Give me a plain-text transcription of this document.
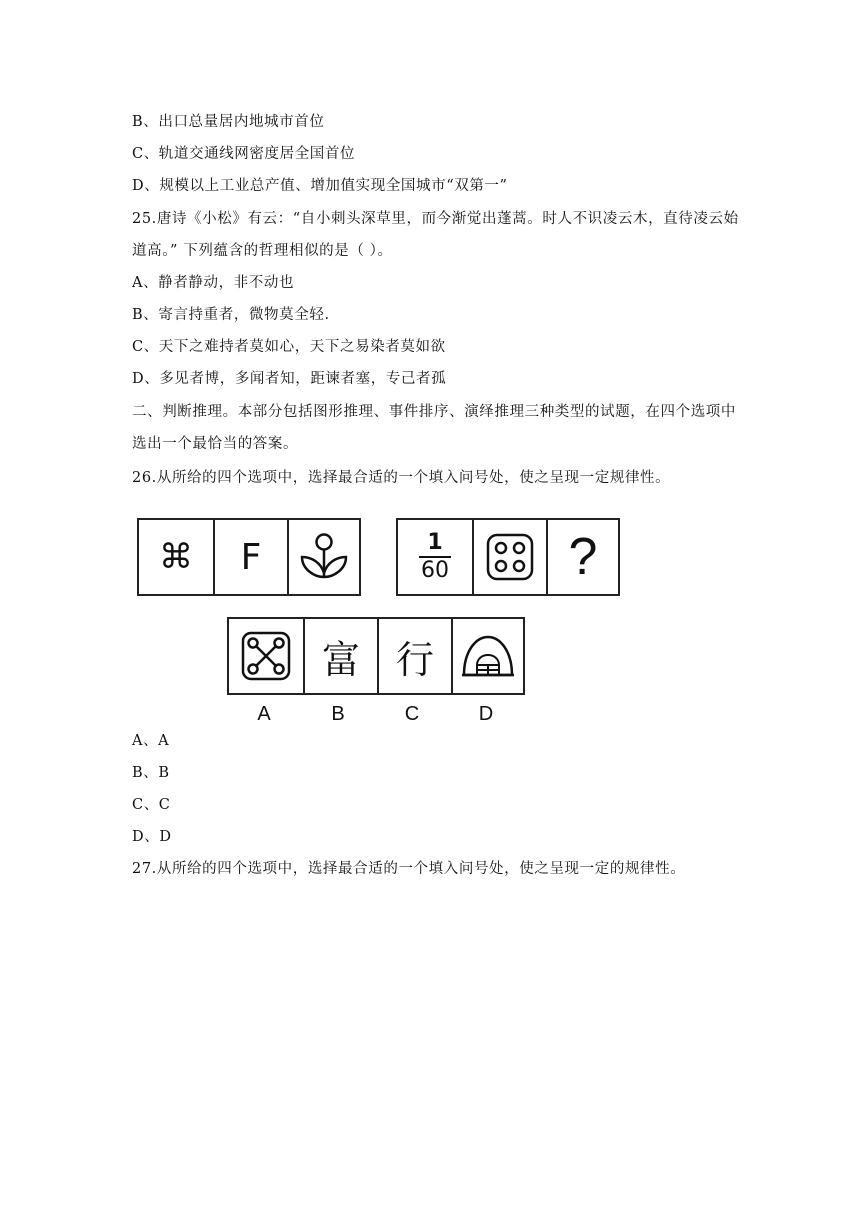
B、出口总量居内地城市首位
C、轨道交通线网密度居全国首位
D、规模以上工业总产值、增加值实现全国城市“双第一”
25.唐诗《小松》有云：“自小刺头深草里，而今渐觉出蓬蒿。时人不识凌云木，直待凌云始
道高。” 下列蕴含的哲理相似的是（ ）。
A、静者静动，非不动也
B、寄言持重者，微物莫全轻.
C、天下之难持者莫如心，天下之易染者莫如欲
D、多见者博，多闻者知，距谏者塞，专己者孤
二、判断推理。本部分包括图形推理、事件排序、演绎推理三种类型的试题，在四个选项中
选出一个最恰当的答案。
26.从所给的四个选项中，选择最合适的一个填入问号处，使之呈现一定规律性。
⌘ F	1
60 ?
富 行
A	B	C	D
A、A
B、B
C、C
D、D
27.从所给的四个选项中，选择最合适的一个填入问号处，使之呈现一定的规律性。
